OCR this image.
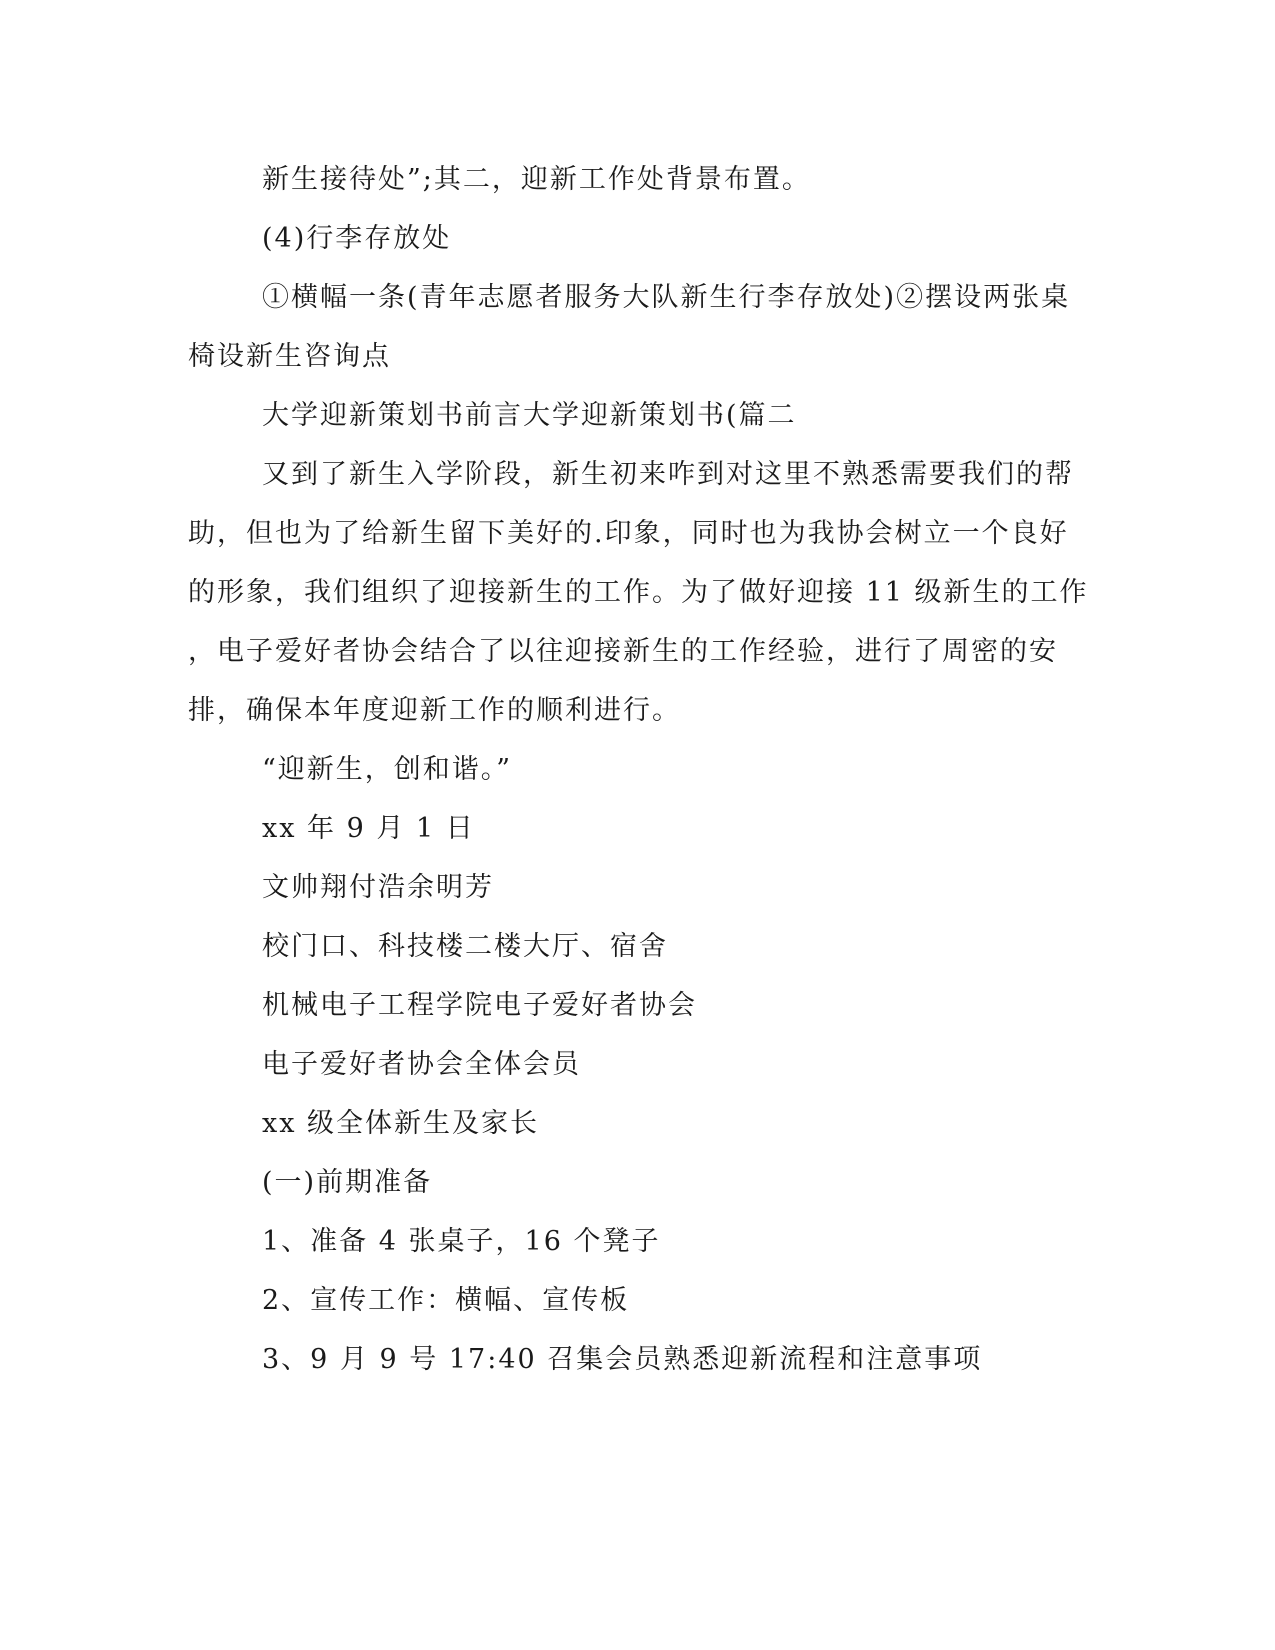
新生接待处”;其二，迎新工作处背景布置。
(4)行李存放处
①横幅一条(青年志愿者服务大队新生行李存放处)②摆设两张桌
椅设新生咨询点
大学迎新策划书前言大学迎新策划书(篇二
又到了新生入学阶段，新生初来咋到对这里不熟悉需要我们的帮
助，但也为了给新生留下美好的.印象，同时也为我协会树立一个良好
的形象，我们组织了迎接新生的工作。为了做好迎接 11 级新生的工作
，电子爱好者协会结合了以往迎接新生的工作经验，进行了周密的安
排，确保本年度迎新工作的顺利进行。
“迎新生，创和谐。”
xx 年 9 月 1 日
文帅翔付浩余明芳
校门口、科技楼二楼大厅、宿舍
机械电子工程学院电子爱好者协会
电子爱好者协会全体会员
xx 级全体新生及家长
(一)前期准备
1、准备 4 张桌子，16 个凳子
2、宣传工作：横幅、宣传板
3、9 月 9 号 17:40 召集会员熟悉迎新流程和注意事项
